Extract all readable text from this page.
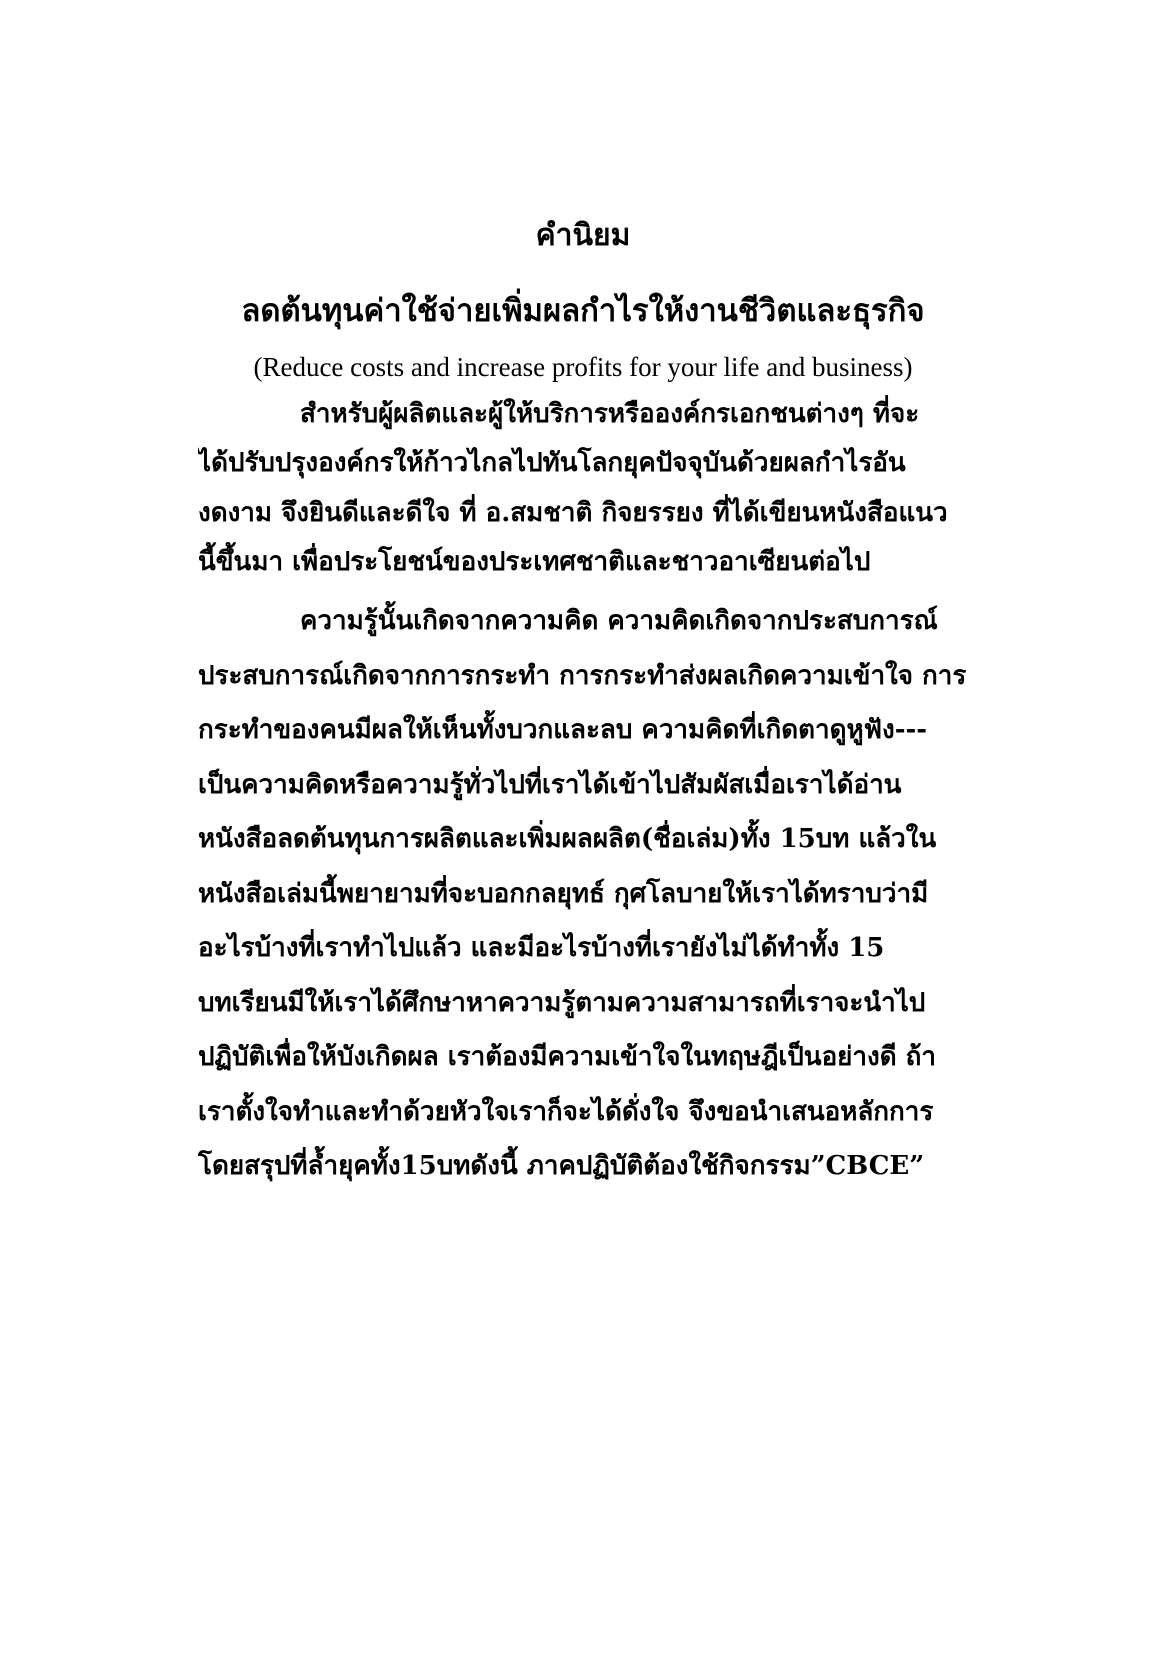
คำนิยม
ลดต้นทุนค่าใช้จ่ายเพิ่มผลกำไรให้งานชีวิตและธุรกิจ
(Reduce costs and increase profits for your life and business)
สำหรับผู้ผลิตและผู้ให้บริการหรือองค์กรเอกชนต่างๆ ที่จะ
ได้ปรับปรุงองค์กรให้ก้าวไกลไปทันโลกยุคปัจจุบันด้วยผลกำไรอัน
งดงาม จึงยินดีและดีใจ ที่ อ.สมชาติ กิจยรรยง ที่ได้เขียนหนังสือแนว
นี้ขึ้นมา เพื่อประโยชน์ของประเทศชาติและชาวอาเซียนต่อไป
ความรู้นั้นเกิดจากความคิด ความคิดเกิดจากประสบการณ์
ประสบการณ์เกิดจากการกระทำ การกระทำส่งผลเกิดความเข้าใจ การ
กระทำของคนมีผลให้เห็นทั้งบวกและลบ ความคิดที่เกิดตาดูหูฟัง---
เป็นความคิดหรือความรู้ทั่วไปที่เราได้เข้าไปสัมผัสเมื่อเราได้อ่าน
หนังสือลดต้นทุนการผลิตและเพิ่มผลผลิต(ชื่อเล่ม)ทั้ง 15บท แล้วใน
หนังสือเล่มนี้พยายามที่จะบอกกลยุทธ์ กุศโลบายให้เราได้ทราบว่ามี
อะไรบ้างที่เราทำไปแล้ว และมีอะไรบ้างที่เรายังไม่ได้ทำทั้ง 15
บทเรียนมีให้เราได้ศึกษาหาความรู้ตามความสามารถที่เราจะนำไป
ปฏิบัติเพื่อให้บังเกิดผล เราต้องมีความเข้าใจในทฤษฎีเป็นอย่างดี ถ้า
เราตั้งใจทำและทำด้วยหัวใจเราก็จะได้ดั่งใจ จึงขอนำเสนอหลักการ
โดยสรุปที่ล้ำยุคทั้ง15บทดังนี้ ภาคปฏิบัติต้องใช้กิจกรรม”CBCE”
